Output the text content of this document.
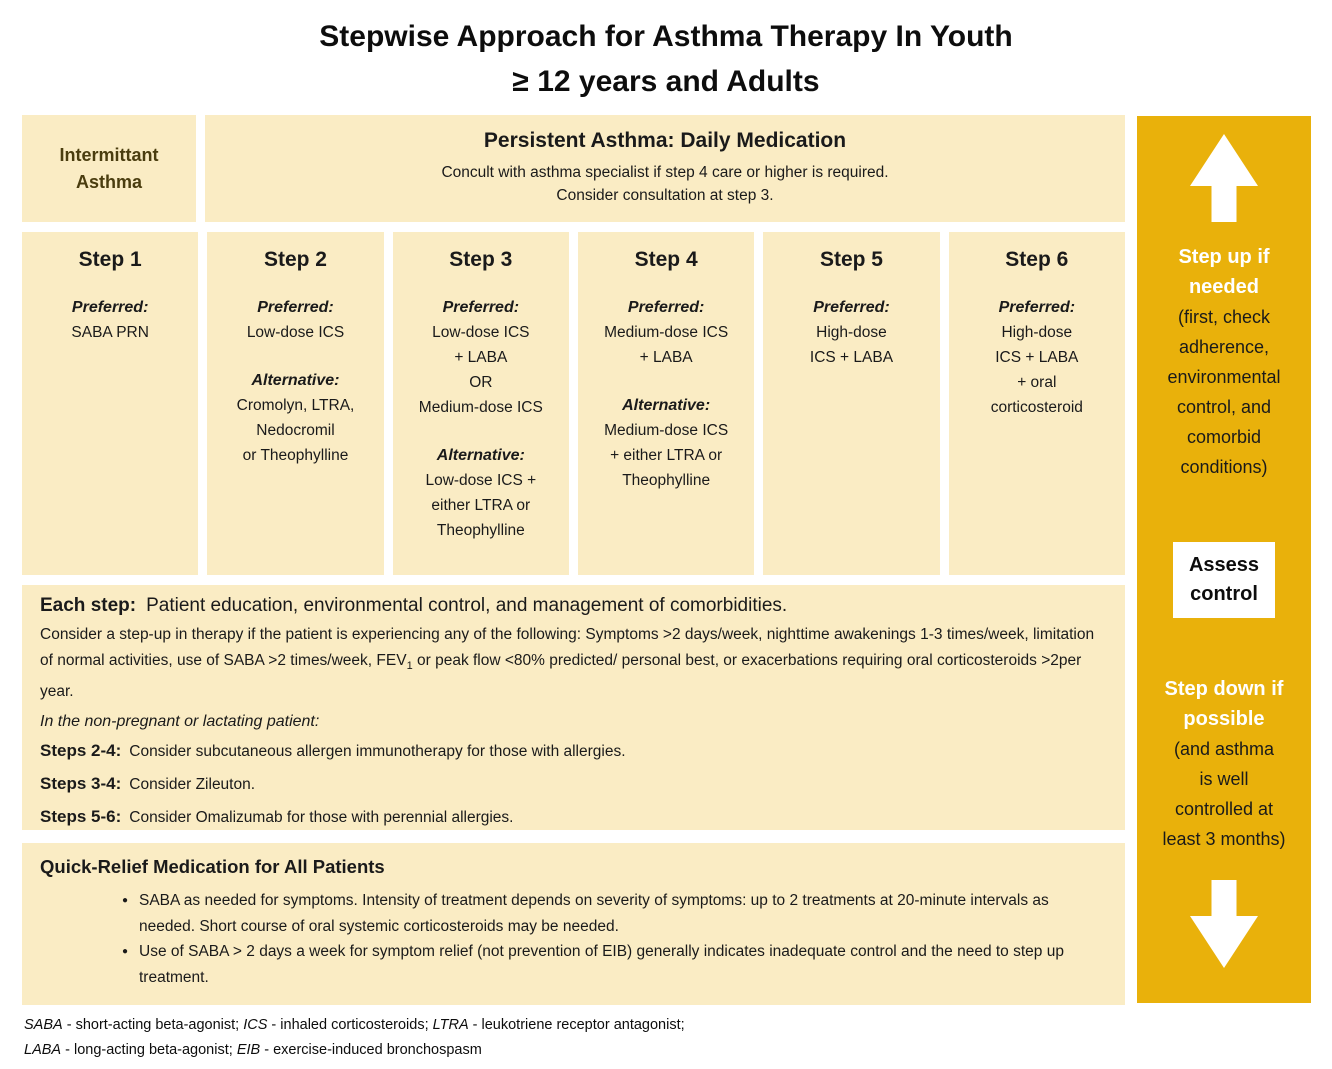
Stepwise Approach for Asthma Therapy In Youth
≥ 12 years and Adults
Intermittant
Asthma
Persistent Asthma: Daily Medication
Concult with asthma specialist if step 4 care or higher is required.
Consider consultation at step 3.
Step 1
Preferred:
SABA PRN
Step 2
Preferred:
Low-dose ICS
Alternative:
Cromolyn, LTRA,
Nedocromil
or Theophylline
Step 3
Preferred:
Low-dose ICS
+ LABA
OR
Medium-dose ICS
Alternative:
Low-dose ICS +
either LTRA or
Theophylline
Step 4
Preferred:
Medium-dose ICS
+ LABA
Alternative:
Medium-dose ICS
+ either LTRA or
Theophylline
Step 5
Preferred:
High-dose
ICS + LABA
Step 6
Preferred:
High-dose
ICS + LABA
+ oral
corticosteroid
Each step: Patient education, environmental control, and management of comorbidities.
Consider a step-up in therapy if the patient is experiencing any of the following: Symptoms >2 days/week, nighttime awakenings 1-3 times/week, limitation of normal activities, use of SABA >2 times/week, $FEV_1$ or peak flow <80% predicted/ personal best, or exacerbations requiring oral corticosteroids >2per year.
In the non-pregnant or lactating patient:
Steps 2-4: Consider subcutaneous allergen immunotherapy for those with allergies.
Steps 3-4: Consider Zileuton.
Steps 5-6: Consider Omalizumab for those with perennial allergies.
Quick-Relief Medication for All Patients
● SABA as needed for symptoms. Intensity of treatment depends on severity of symptoms: up to 2 treatments at 20-minute intervals as needed. Short course of oral systemic corticosteroids may be needed.
● Use of SABA > 2 days a week for symptom relief (not prevention of EIB) generally indicates inadequate control and the need to step up treatment.
Step up if
needed
(first, check
adherence,
environmental
control, and
comorbid
conditions)
Assess
control
Step down if
possible
(and asthma
is well
controlled at
least 3 months)
SABA - short-acting beta-agonist; ICS - inhaled corticosteroids; LTRA - leukotriene receptor antagonist;
LABA - long-acting beta-agonist; EIB - exercise-induced bronchospasm
